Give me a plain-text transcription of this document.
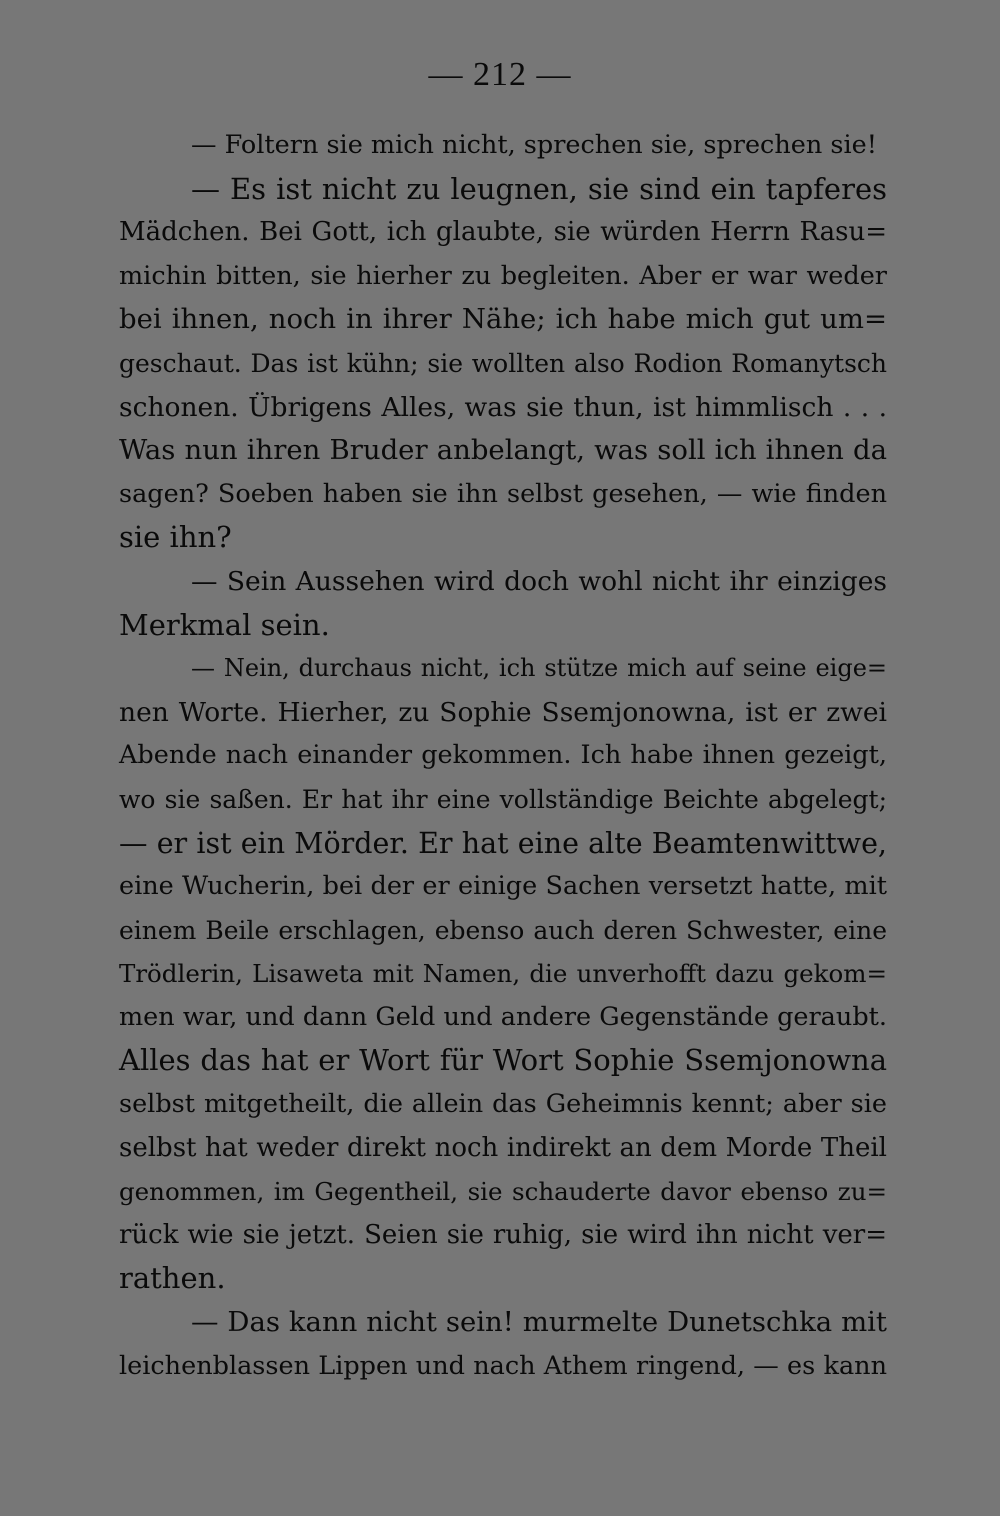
— 212 —
— Foltern sie mich nicht, sprechen sie, sprechen sie!
— Es ist nicht zu leugnen, sie sind ein tapferes
Mädchen. Bei Gott, ich glaubte, sie würden Herrn Rasu=
michin bitten, sie hierher zu begleiten. Aber er war weder
bei ihnen, noch in ihrer Nähe; ich habe mich gut um=
geschaut. Das ist kühn; sie wollten also Rodion Romanytsch
schonen. Übrigens Alles, was sie thun, ist himmlisch . . .
Was nun ihren Bruder anbelangt, was soll ich ihnen da
sagen? Soeben haben sie ihn selbst gesehen, — wie finden
sie ihn?
— Sein Aussehen wird doch wohl nicht ihr einziges
Merkmal sein.
— Nein, durchaus nicht, ich stütze mich auf seine eige=
nen Worte. Hierher, zu Sophie Ssemjonowna, ist er zwei
Abende nach einander gekommen. Ich habe ihnen gezeigt,
wo sie saßen. Er hat ihr eine vollständige Beichte abgelegt;
— er ist ein Mörder. Er hat eine alte Beamtenwittwe,
eine Wucherin, bei der er einige Sachen versetzt hatte, mit
einem Beile erschlagen, ebenso auch deren Schwester, eine
Trödlerin, Lisaweta mit Namen, die unverhofft dazu gekom=
men war, und dann Geld und andere Gegenstände geraubt.
Alles das hat er Wort für Wort Sophie Ssemjonowna
selbst mitgetheilt, die allein das Geheimnis kennt; aber sie
selbst hat weder direkt noch indirekt an dem Morde Theil
genommen, im Gegentheil, sie schauderte davor ebenso zu=
rück wie sie jetzt. Seien sie ruhig, sie wird ihn nicht ver=
rathen.
— Das kann nicht sein! murmelte Dunetschka mit
leichenblassen Lippen und nach Athem ringend, — es kann
